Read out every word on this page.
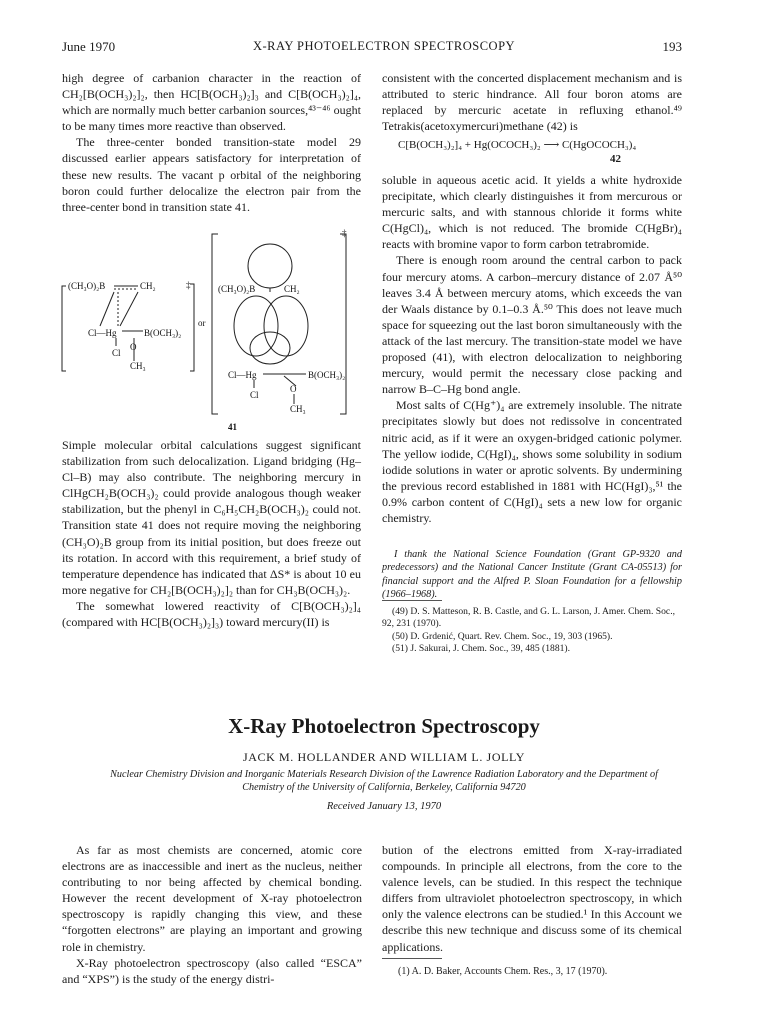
June 1970	X-RAY PHOTOELECTRON SPECTROSCOPY	193

high degree of carbanion character in the reaction of CH₂[B(OCH₃)₂]₂, then HC[B(OCH₃)₂]₃ and C[B(OCH₃)₂]₄, which are normally much better carbanion sources,⁴³⁻⁴⁶ ought to be many times more reactive than observed.

The three-center bonded transition-state model 29 discussed earlier appears satisfactory for interpretation of these new results. The vacant p orbital of the neighboring boron could further delocalize the electron pair from the three-center bond in transition state 41.

(CH₃O)₂B	CH₂
Cl—Hg	B(OCH₃)₂
O
Cl
CH₃
or
‡	(CH₃O)₂B	CH₂
Cl—Hg	B(OCH₃)₂
O
Cl
CH₃
‡
41

Simple molecular orbital calculations suggest significant stabilization from such delocalization. Ligand bridging (Hg–Cl–B) may also contribute. The neighboring mercury in ClHgCH₂B(OCH₃)₂ could provide analogous though weaker stabilization, but the phenyl in C₆H₅CH₂B(OCH₃)₂ could not. Transition state 41 does not require moving the neighboring (CH₃O)₂B group from its initial position, but does freeze out its rotation. In accord with this requirement, a brief study of temperature dependence has indicated that ΔS* is about 10 eu more negative for CH₂[B(OCH₃)₂]₂ than for CH₃B(OCH₃)₂.

The somewhat lowered reactivity of C[B(OCH₃)₂]₄ (compared with HC[B(OCH₃)₂]₃) toward mercury(II) is

consistent with the concerted displacement mechanism and is attributed to steric hindrance. All four boron atoms are replaced by mercuric acetate in refluxing ethanol.⁴⁹ Tetrakis(acetoxymercuri)methane (42) is

C[B(OCH₃)₂]₄ + Hg(OCOCH₃)₂ ⟶ C(HgOCOCH₃)₄
42

soluble in aqueous acetic acid. It yields a white hydroxide precipitate, which clearly distinguishes it from mercurous or mercuric salts, and with stannous chloride it forms white C(HgCl)₄, which is not reduced. The bromide C(HgBr)₄ reacts with bromine vapor to form carbon tetrabromide.

There is enough room around the central carbon to pack four mercury atoms. A carbon–mercury distance of 2.07 Å⁵⁰ leaves 3.4 Å between mercury atoms, which exceeds the van der Waals distance by 0.1–0.3 Å.⁵⁰ This does not leave much space for squeezing out the last boron simultaneously with the attack of the last mercury. The transition-state model we have proposed (41), with electron delocalization to neighboring mercury, would permit the necessary close packing and narrow B–C–Hg bond angle.

Most salts of C(Hg⁺)₄ are extremely insoluble. The nitrate precipitates slowly but does not redissolve in concentrated nitric acid, as if it were an oxygen-bridged cationic polymer. The yellow iodide, C(HgI)₄, shows some solubility in sodium iodide solutions in water or aprotic solvents. By undermining the previous record established in 1881 with HC(HgI)₃,⁵¹ the 0.9% carbon content of C(HgI)₄ sets a new low for organic chemistry.

I thank the National Science Foundation (Grant GP-9320 and predecessors) and the National Cancer Institute (Grant CA-05513) for financial support and the Alfred P. Sloan Foundation for a fellowship (1966–1968).
(49) D. S. Matteson, R. B. Castle, and G. L. Larson, J. Amer. Chem. Soc., 92, 231 (1970).
(50) D. Grdenić, Quart. Rev. Chem. Soc., 19, 303 (1965).
(51) J. Sakurai, J. Chem. Soc., 39, 485 (1881).
X-Ray Photoelectron Spectroscopy
JACK M. HOLLANDER AND WILLIAM L. JOLLY
Nuclear Chemistry Division and Inorganic Materials Research Division of the Lawrence Radiation Laboratory and the Department of Chemistry of the University of California, Berkeley, California 94720
Received January 13, 1970

As far as most chemists are concerned, atomic core electrons are as inaccessible and inert as the nucleus, neither contributing to nor being affected by chemical bonding. However the recent development of X-ray photoelectron spectroscopy is rapidly changing this view, and these “forgotten electrons” are playing an important and growing role in chemistry.

X-Ray photoelectron spectroscopy (also called “ESCA” and “XPS”) is the study of the energy distri-

bution of the electrons emitted from X-ray-irradiated compounds. In principle all electrons, from the core to the valence levels, can be studied. In this respect the technique differs from ultraviolet photoelectron spectroscopy, in which only the valence electrons can be studied.¹ In this Account we describe this new technique and discuss some of its chemical applications.

(1) A. D. Baker, Accounts Chem. Res., 3, 17 (1970).
